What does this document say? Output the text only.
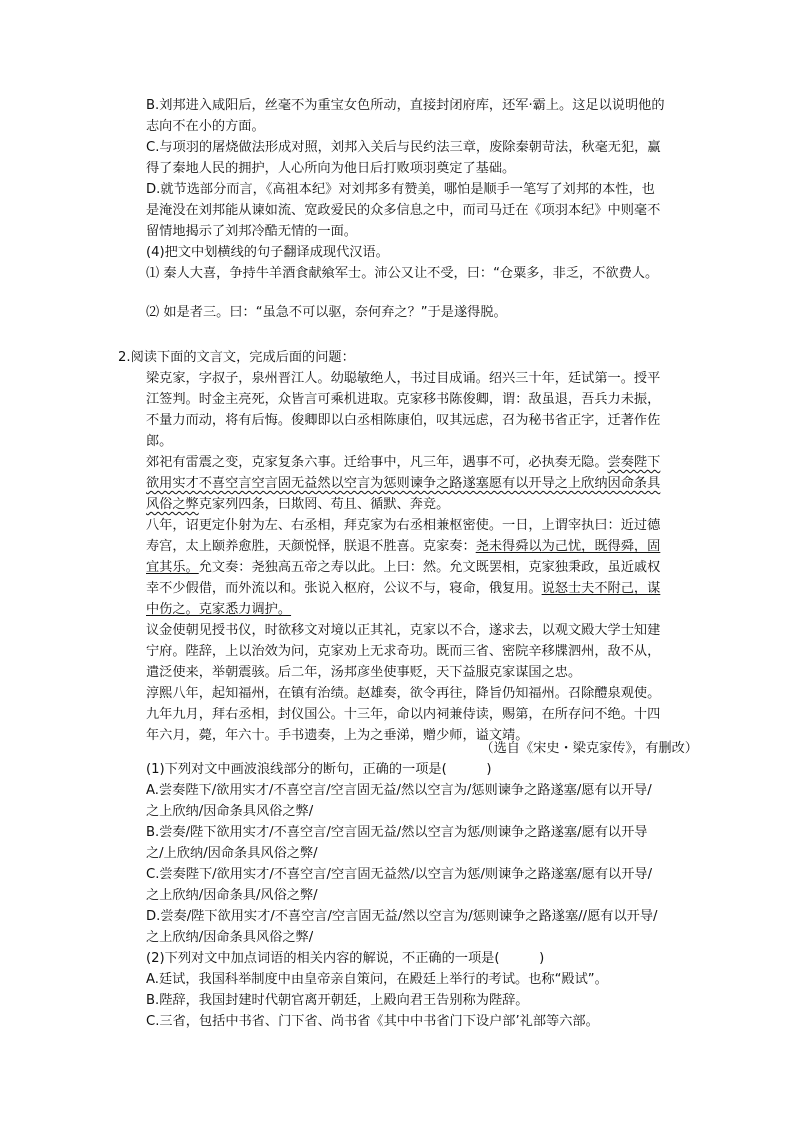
B.刘邦进入咸阳后，丝毫不为重宝女色所动，直接封闭府库，还军·霸上。这足以说明他的
志向不在小的方面。
C.与项羽的屠烧做法形成对照，刘邦入关后与民约法三章，废除秦朝苛法，秋毫无犯，赢
得了秦地人民的拥护，人心所向为他日后打败项羽奠定了基础。
D.就节选部分而言，《高祖本纪》对刘邦多有赞美，哪怕是顺手一笔写了刘邦的本性，也
是淹没在刘邦能从谏如流、宽政爱民的众多信息之中，而司马迁在《项羽本纪》中则毫不
留情地揭示了刘邦冷酷无情的一面。
(4)把文中划横线的句子翻译成现代汉语。
⑴ 秦人大喜，争持牛羊酒食献飨军士。沛公又让不受，曰：“仓粟多，非乏，不欲费人。
⑵ 如是者三。曰：“虽急不可以驱，奈何弃之？”于是遂得脱。
2.阅读下面的文言文，完成后面的问题：
梁克家，字叔子，泉州晋江人。幼聪敏绝人，书过目成诵。绍兴三十年，廷试第一。授平
江签判。时金主亮死，众皆言可乘机进取。克家移书陈俊卿，谓：敌虽退，吾兵力未振，
不量力而动，将有后悔。俊卿即以白丞相陈康伯，叹其远虑，召为秘书省正字，迁著作佐
郎。
郊祀有雷震之变，克家复条六事。迁给事中，凡三年，遇事不可，必执奏无隐。尝奏陛下
欲用实才不喜空言空言固无益然以空言为惩则谏争之路遂塞愿有以开导之上欣纳因命条具
风俗之弊克家列四条，曰欺罔、苟且、循默、奔竞。
八年，诏更定仆射为左、右丞相，拜克家为右丞相兼枢密使。一日，上谓宰执曰：近过德
寿宫，太上颐养愈胜，天颜悦怿，朕退不胜喜。克家奏：尧未得舜以为己忧，既得舜，固
宜其乐。允文奏：尧独高五帝之寿以此。上曰：然。允文既罢相，克家独秉政，虽近戚权
幸不少假借，而外流以和。张说入枢府，公议不与，寝命，俄复用。说怒士夫不附己，谋
中伤之。克家悉力调护。
议金使朝见授书仪，时欲移文对境以正其礼，克家以不合，遂求去，以观文殿大学士知建
宁府。陛辞，上以治效为问，克家劝上无求奇功。既而三省、密院辛移牒泗州，敌不从，
遣泛使来，举朝震骇。后二年，汤邦彦坐使事贬，天下益服克家谋国之忠。
淳熙八年，起知福州，在镇有治绩。赵雄奏，欲令再往，降旨仍知福州。召除醴泉观使。
九年九月，拜右丞相，封仪国公。十三年，命以内祠兼侍读，赐第，在所存问不绝。十四
年六月，薨，年六十。手书遗奏，上为之垂涕，赠少师，谥文靖。
（选自《宋史・梁克家传》，有删改）
(1)下列对文中画波浪线部分的断句，正确的一项是(　　　)
A.尝奏陛下/欲用实才/不喜空言/空言固无益/然以空言为/惩则谏争之路遂塞/愿有以开导/
之上欣纳/因命条具风俗之弊/
B.尝奏/陛下欲用实才/不喜空言/空言固无益/然以空言为惩/则谏争之路遂塞/愿有以开导
之/上欣纳/因命条具风俗之弊/
C.尝奏陛下/欲用实才/不喜空言/空言固无益然/以空言为惩/则谏争之路遂塞/愿有以开导/
之上欣纳/因命条具/风俗之弊/
D.尝奏/陛下欲用实才/不喜空言/空言固无益/然以空言为/惩则谏争之路遂塞//愿有以开导/
之上欣纳/因命条具风俗之弊/
(2)下列对文中加点词语的相关内容的解说，不正确的一项是(　　　)
A.廷试，我国科举制度中由皇帝亲自策问，在殿廷上举行的考试。也称“殿试”。
B.陛辞，我国封建时代朝官离开朝廷，上殿向君王告别称为陛辞。
C.三省，包括中书省、门下省、尚书省《其中中书省门下设户部’礼部等六部。
